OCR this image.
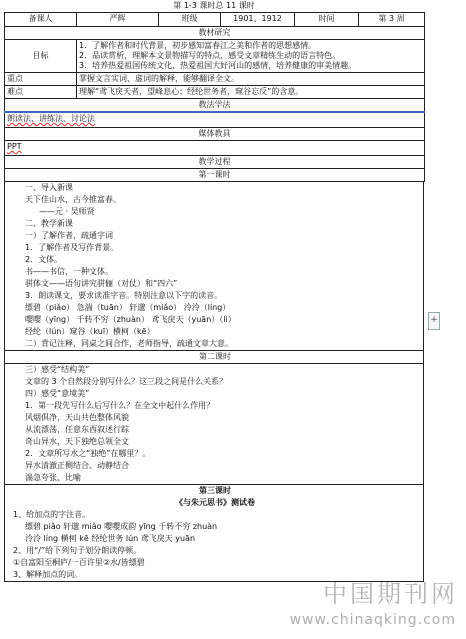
第 1-3 课时总 11 课时
备课人	严辉	班级	1901、1912	时间	第 3 周
教材研究					
目标	1．了解作者和时代背景，初步感知富春江之美和作者的思想感情。
2．品读赏析，理解本文景物描写的特点，感受文章精练生动的语言特色。
3．培养热爱祖国传统文化、热爱祖国大好河山的感情，培养健康的审美情趣。				

重点	掌握文言实词、虚词的解释，能够翻译全文。				
难点	理解“鸢飞戾天者，望峰息心；经纶世务者，窥谷忘反”的含意。				
教法学法					
朗读法、讲练法、讨论法					
媒体教具					
PPT					
教学过程					
第一课时					
一、导入新课
天下佳山水，古今推富春。
——元 · 吴师贤
二、教学新课
一）了解作者，疏通字词
1．了解作者及写作背景。
2．文体。
书——书信，一种文体。
骈体文——语句讲究骈俪（对仗）和“四六”
3．朗读课文，要求读准字音。特别注意以下字的读音。
缥碧（piǎo） 急湍（tuān） 轩邈（miǎo） 泠泠（líng）
嘤嘤（yīng） 千转不穷（zhuàn） 鸢飞戾天（yuān）（lì）
经纶（lún）窥谷（kuī）横柯（kē）
二）背记注释，同桌之间合作，老师指导，疏通文章大意。
第二课时
三）感受“结构美”
文章的 3 个自然段分别写什么？这三段之间是什么关系？
四）感受“意境美”
1．第一段先写什么后写什么？在全文中起什么作用？
风烟俱净，天山共色整体风貌
从流漂荡，任意东西叙述行踪
奇山异水，天下独绝总领全文
2．文章所写水之“独绝”在哪里？。
异水清澈正侧结合、动静结合
湍急夸张、比喻
第三课时
《与朱元思书》测试卷
1、给加点的字注音。
缥碧 piǎo 轩邈 miǎo 嘤嘤成韵 yīng 千转不穷 zhuàn
泠泠 líng 横柯 kē 经纶世务 lún 鸢飞戾天 yuān
2、用“/”给下列句子划分朗读停顿。
①自富阳至桐庐/一百许里②水/皆缥碧
3、解释加点的词。
+
中国期刊网
www.chinaqking.com
